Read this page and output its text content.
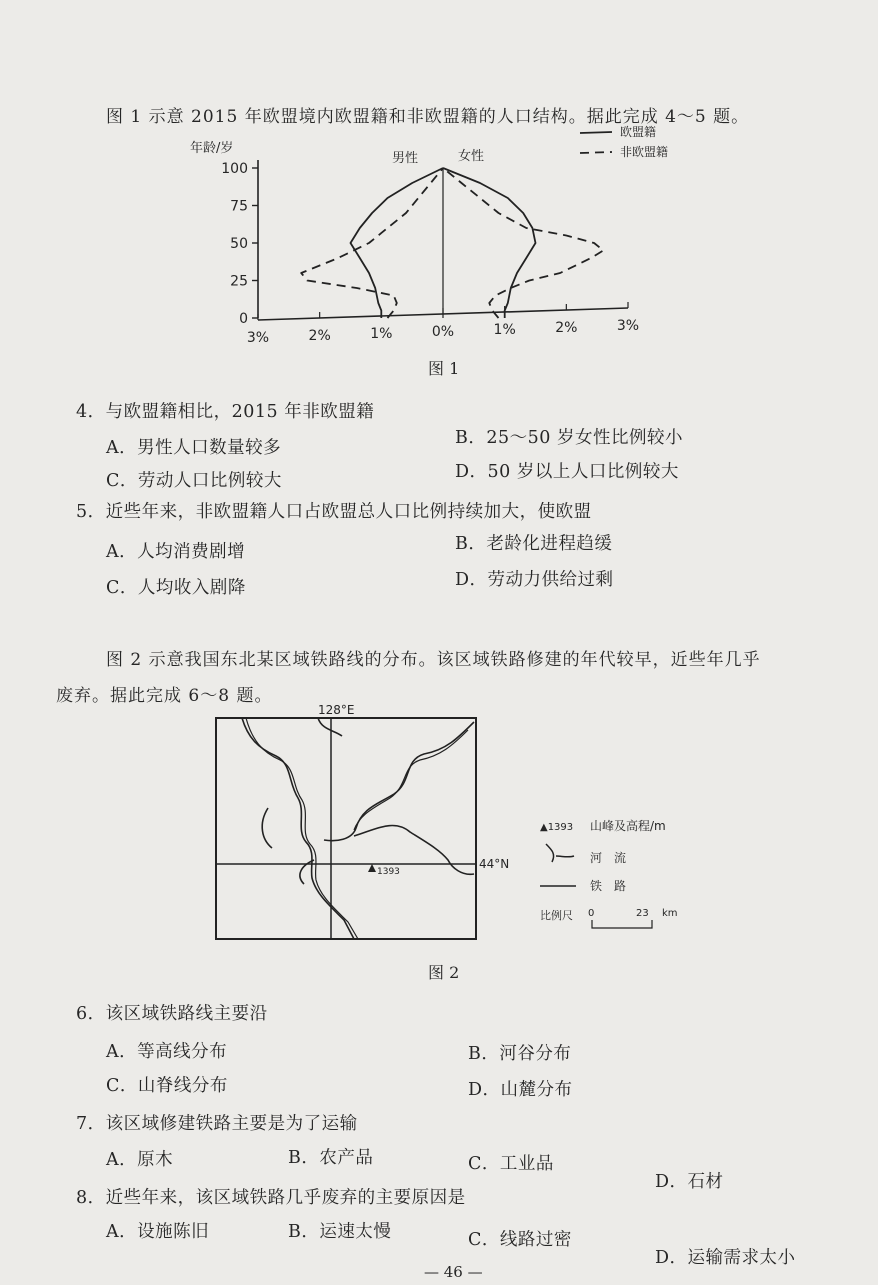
图 1 示意 2015 年欧盟境内欧盟籍和非欧盟籍的人口结构。据此完成 4～5 题。
100
75
50
25
0
3%	2%	1%	0%	1%	2%	3%
年龄/岁
男性	女性
欧盟籍
非欧盟籍
图 1
4．与欧盟籍相比，2015 年非欧盟籍
A．男性人口数量较多	B．25～50 岁女性比例较小
C．劳动人口比例较大	D．50 岁以上人口比例较大
5．近些年来，非欧盟籍人口占欧盟总人口比例持续加大，使欧盟
A．人均消费剧增	B．老龄化进程趋缓
C．人均收入剧降	D．劳动力供给过剩
图 2 示意我国东北某区域铁路线的分布。该区域铁路修建的年代较早，近些年几乎
废弃。据此完成 6～8 题。
128°E
44°N
1393
▲1393 山峰及高程/m
河　流
铁　路
比例尺 0	23 km
图 2
6．该区域铁路线主要沿
A．等高线分布	B．河谷分布
C．山脊线分布	D．山麓分布
7．该区域修建铁路主要是为了运输
A．原木	B．农产品	C．工业品
D．石材
8．近些年来，该区域铁路几乎废弃的主要原因是
A．设施陈旧	B．运速太慢	C．线路过密
D．运输需求太小
— 46 —
